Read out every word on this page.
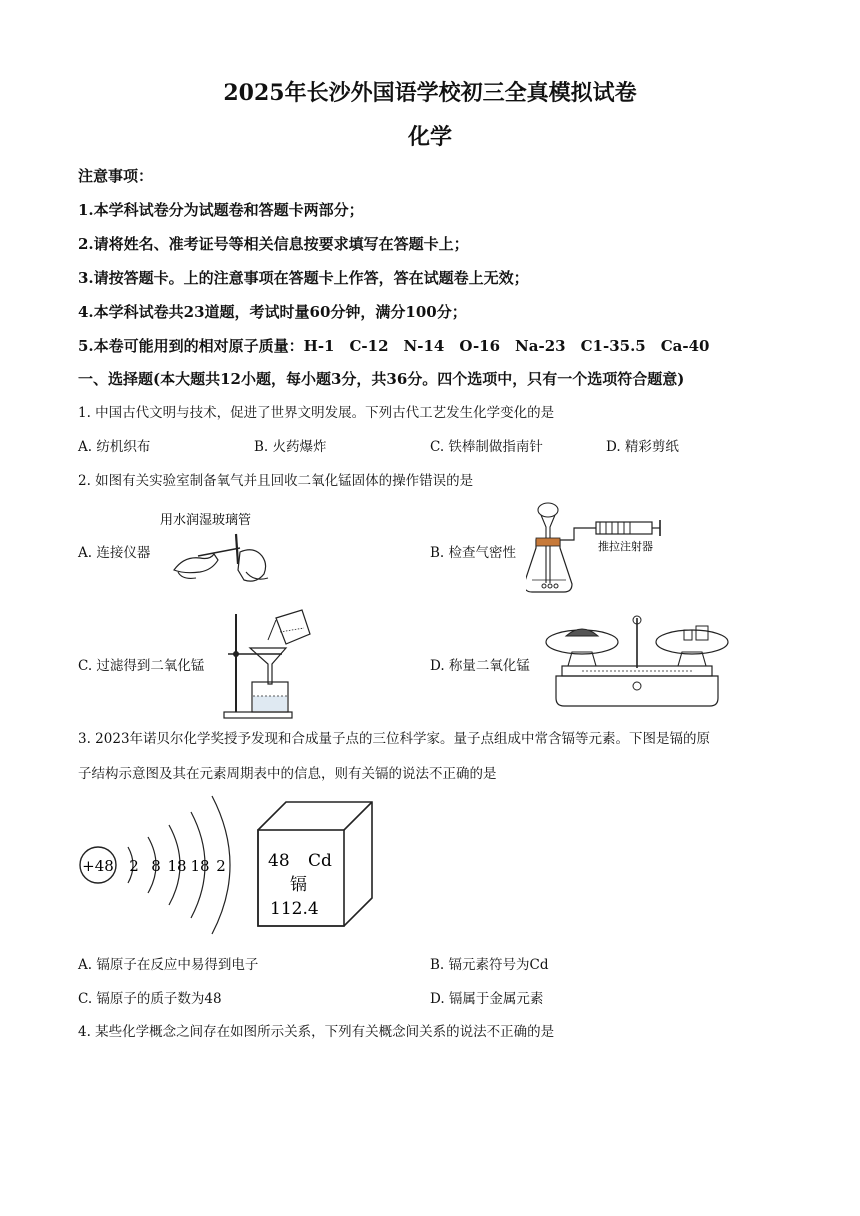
2025年长沙外国语学校初三全真模拟试卷
化学
注意事项：
1.本学科试卷分为试题卷和答题卡两部分；
2.请将姓名、准考证号等相关信息按要求填写在答题卡上；
3.请按答题卡。上的注意事项在答题卡上作答，答在试题卷上无效；
4.本学科试卷共23道题，考试时量60分钟，满分100分；
5.本卷可能用到的相对原子质量：H-1　C-12　N-14　O-16　Na-23　C1-35.5　Ca-40
一、选择题(本大题共12小题，每小题3分，共36分。四个选项中，只有一个选项符合题意)
1. 中国古代文明与技术，促进了世界文明发展。下列古代工艺发生化学变化的是
A. 纺机织布	B. 火药爆炸	C. 铁棒制做指南针	D. 精彩剪纸
2. 如图有关实验室制备氧气并且回收二氧化锰固体的操作错误的是
A. 连接仪器	B. 检查气密性
C. 过滤得到二氧化锰	D. 称量二氧化锰
用水润湿玻璃管
推拉注射器
3. 2023年诺贝尔化学奖授予发现和合成量子点的三位科学家。量子点组成中常含镉等元素。下图是镉的原
子结构示意图及其在元素周期表中的信息，则有关镉的说法不正确的是
+48 2 8 18 18 2 48 Cd
镉
112.4
A. 镉原子在反应中易得到电子	B. 镉元素符号为Cd
C. 镉原子的质子数为48	D. 镉属于金属元素
4. 某些化学概念之间存在如图所示关系，下列有关概念间关系的说法不正确的是
